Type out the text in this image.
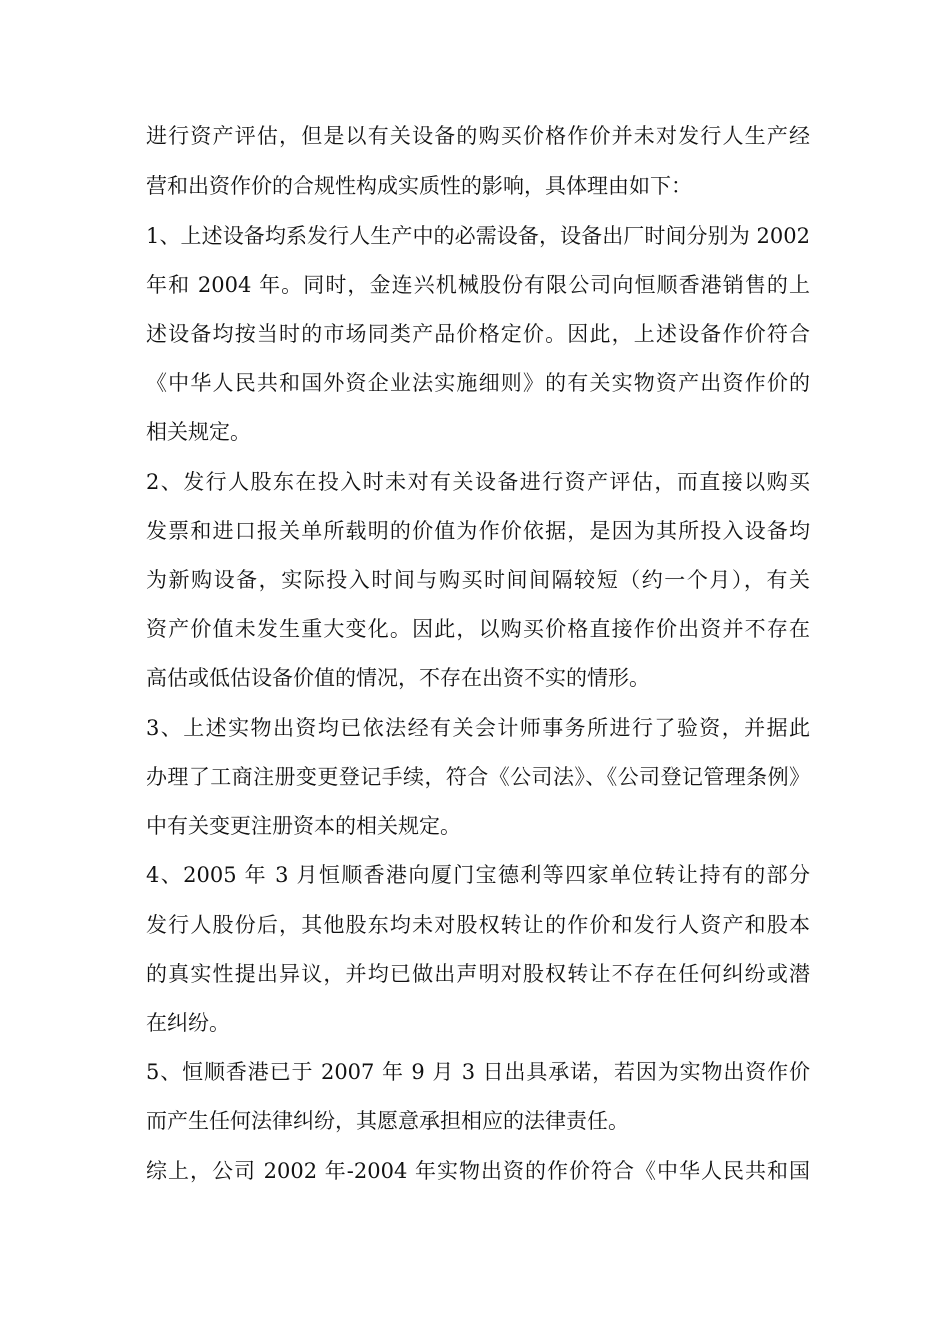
进行资产评估，但是以有关设备的购买价格作价并未对发行人生产经
营和出资作价的合规性构成实质性的影响，具体理由如下：
1、上述设备均系发行人生产中的必需设备，设备出厂时间分别为 2002
年和 2004 年。同时，金连兴机械股份有限公司向恒顺香港销售的上
述设备均按当时的市场同类产品价格定价。因此，上述设备作价符合
《中华人民共和国外资企业法实施细则》的有关实物资产出资作价的
相关规定。
2、发行人股东在投入时未对有关设备进行资产评估，而直接以购买
发票和进口报关单所载明的价值为作价依据，是因为其所投入设备均
为新购设备，实际投入时间与购买时间间隔较短（约一个月），有关
资产价值未发生重大变化。因此，以购买价格直接作价出资并不存在
高估或低估设备价值的情况，不存在出资不实的情形。
3、上述实物出资均已依法经有关会计师事务所进行了验资，并据此
办理了工商注册变更登记手续，符合《公司法》、《公司登记管理条例》
中有关变更注册资本的相关规定。
4、2005 年 3 月恒顺香港向厦门宝德利等四家单位转让持有的部分
发行人股份后，其他股东均未对股权转让的作价和发行人资产和股本
的真实性提出异议，并均已做出声明对股权转让不存在任何纠纷或潜
在纠纷。
5、恒顺香港已于 2007 年 9 月 3 日出具承诺，若因为实物出资作价
而产生任何法律纠纷，其愿意承担相应的法律责任。
综上，公司 2002 年-2004 年实物出资的作价符合《中华人民共和国
